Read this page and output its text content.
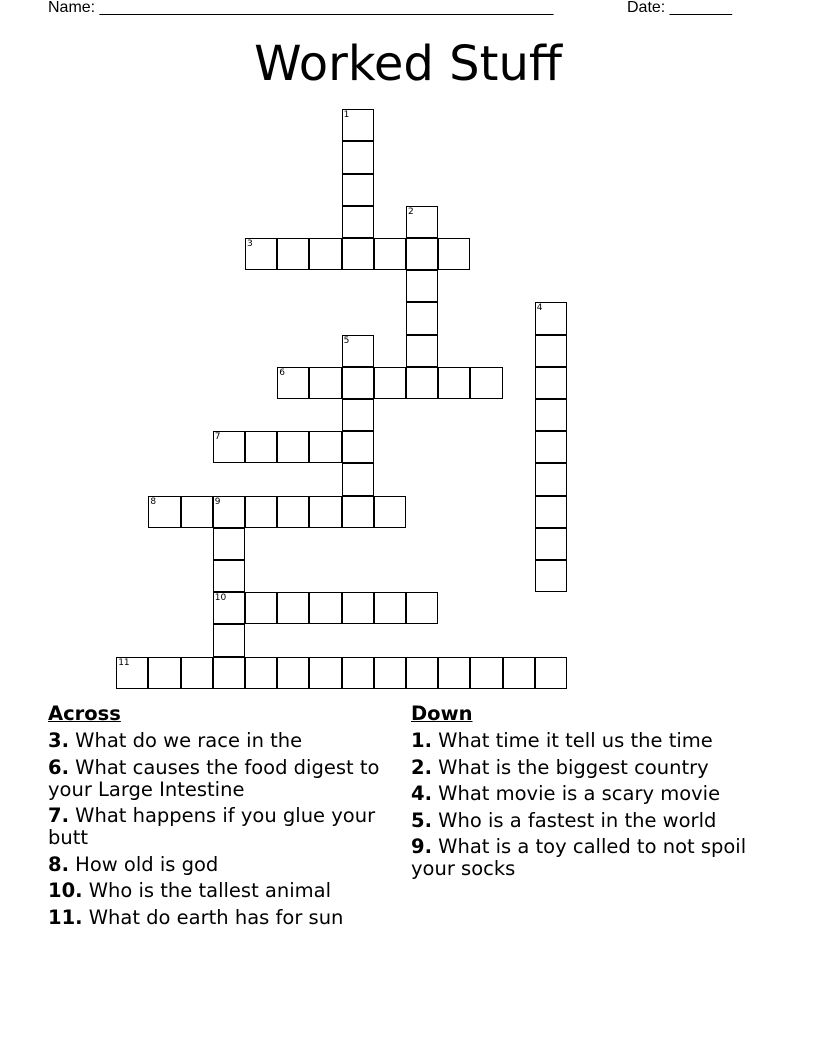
Name: ___________________________________________________	Date: _______
Worked Stuff
1
2
3
4
5
6
7
8	9
10
11
Across
3. What do we race in the
6. What causes the food digest to your Large Intestine
7. What happens if you glue your butt
8. How old is god
10. Who is the tallest animal
11. What do earth has for sun
Down
1. What time it tell us the time
2. What is the biggest country
4. What movie is a scary movie
5. Who is a fastest in the world
9. What is a toy called to not spoil your socks
